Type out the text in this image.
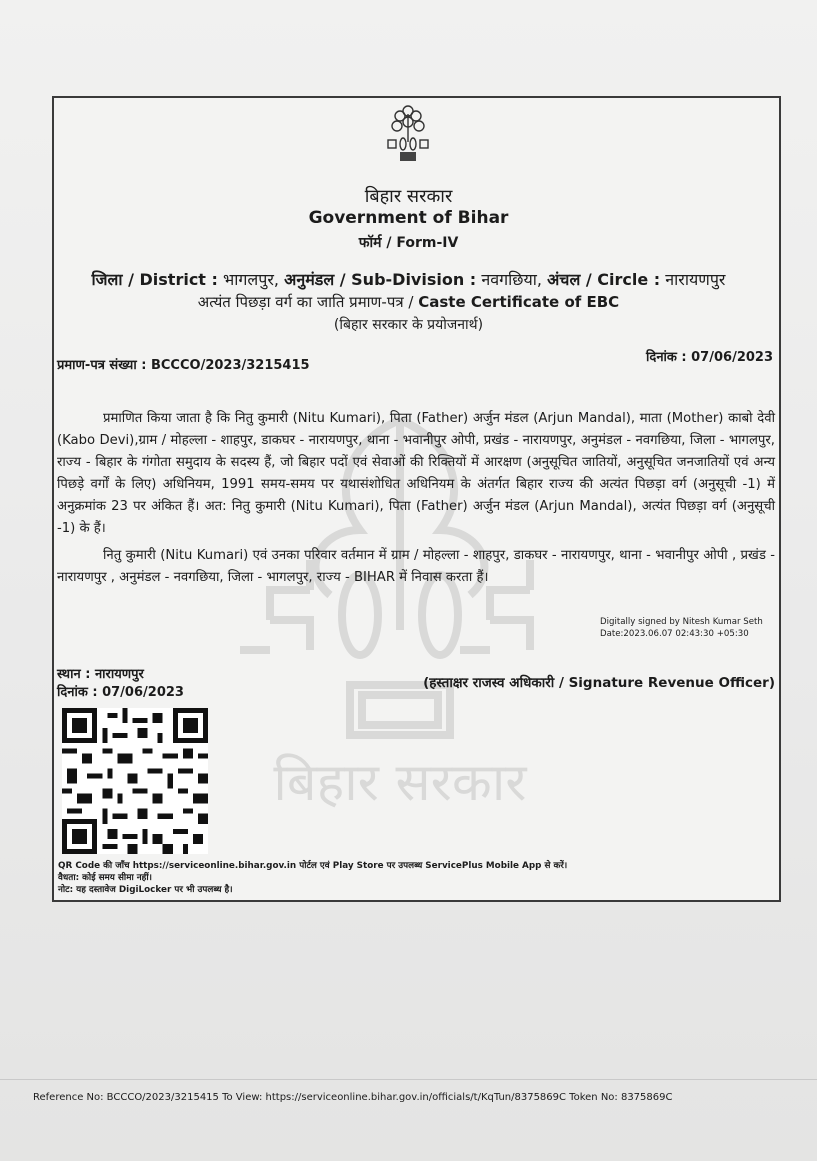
बिहार सरकार
Government of Bihar
फॉर्म / Form-IV
जिला / District : भागलपुर, अनुमंडल / Sub-Division : नवगछिया, अंचल / Circle : नारायणपुर
अत्यंत पिछड़ा वर्ग का जाति प्रमाण-पत्र / Caste Certificate of EBC
(बिहार सरकार के प्रयोजनार्थ)
प्रमाण-पत्र संख्या : BCCCO/2023/3215415
दिनांक : 07/06/2023
प्रमाणित किया जाता है कि नितु कुमारी (Nitu Kumari), पिता (Father) अर्जुन मंडल (Arjun Mandal), माता (Mother) काबो देवी (Kabo Devi),ग्राम / मोहल्ला - शाहपुर, डाकघर - नारायणपुर, थाना - भवानीपुर ओपी, प्रखंड - नारायणपुर, अनुमंडल - नवगछिया, जिला - भागलपुर, राज्य - बिहार के गंगोता समुदाय के सदस्य हैं, जो बिहार पदों एवं सेवाओं की रिक्तियों में आरक्षण (अनुसूचित जातियों, अनुसूचित जनजातियों एवं अन्य पिछड़े वर्गों के लिए) अधिनियम, 1991 समय-समय पर यथासंशोधित अधिनियम के अंतर्गत बिहार राज्य की अत्यंत पिछड़ा वर्ग (अनुसूची -1) में अनुक्रमांक 23 पर अंकित हैं। अत: नितु कुमारी (Nitu Kumari), पिता (Father) अर्जुन मंडल (Arjun Mandal), अत्यंत पिछड़ा वर्ग (अनुसूची -1) के हैं।
नितु कुमारी (Nitu Kumari) एवं उनका परिवार वर्तमान में ग्राम / मोहल्ला - शाहपुर, डाकघर - नारायणपुर, थाना - भवानीपुर ओपी , प्रखंड - नारायणपुर , अनुमंडल - नवगछिया, जिला - भागलपुर, राज्य - BIHAR में निवास करता हैं।
Digitally signed by Nitesh Kumar Seth
Date:2023.06.07 02:43:30 +05:30
स्थान : नारायणपुर
दिनांक : 07/06/2023
(हस्ताक्षर राजस्व अधिकारी / Signature Revenue Officer)
QR Code की जाँच https://serviceonline.bihar.gov.in पोर्टल एवं Play Store पर उपलब्ध ServicePlus Mobile App से करें।
वैधता: कोई समय सीमा नहीं।
नोट: यह दस्तावेज DigiLocker पर भी उपलब्ध है।
Reference No: BCCCO/2023/3215415 To View: https://serviceonline.bihar.gov.in/officials/t/KqTun/8375869C Token No: 8375869C
